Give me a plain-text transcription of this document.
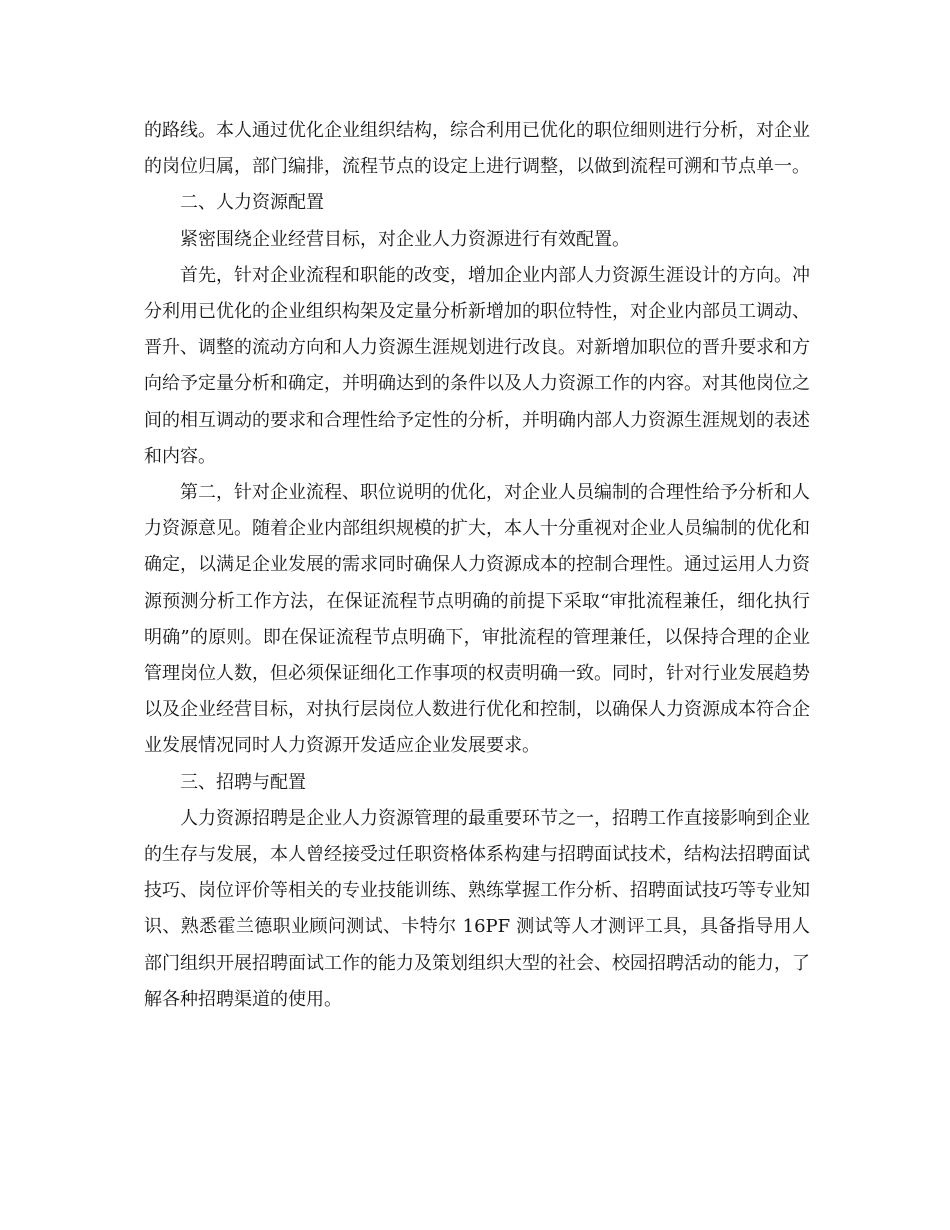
的路线。本人通过优化企业组织结构，综合利用已优化的职位细则进行分析，对企业的岗位归属，部门编排，流程节点的设定上进行调整，以做到流程可溯和节点单一。

二、人力资源配置

紧密围绕企业经营目标，对企业人力资源进行有效配置。

首先，针对企业流程和职能的改变，增加企业内部人力资源生涯设计的方向。冲分利用已优化的企业组织构架及定量分析新增加的职位特性，对企业内部员工调动、晋升、调整的流动方向和人力资源生涯规划进行改良。对新增加职位的晋升要求和方向给予定量分析和确定，并明确达到的条件以及人力资源工作的内容。对其他岗位之间的相互调动的要求和合理性给予定性的分析，并明确内部人力资源生涯规划的表述和内容。

第二，针对企业流程、职位说明的优化，对企业人员编制的合理性给予分析和人力资源意见。随着企业内部组织规模的扩大，本人十分重视对企业人员编制的优化和确定，以满足企业发展的需求同时确保人力资源成本的控制合理性。通过运用人力资源预测分析工作方法，在保证流程节点明确的前提下采取“审批流程兼任，细化执行明确”的原则。即在保证流程节点明确下，审批流程的管理兼任，以保持合理的企业管理岗位人数，但必须保证细化工作事项的权责明确一致。同时，针对行业发展趋势以及企业经营目标，对执行层岗位人数进行优化和控制，以确保人力资源成本符合企业发展情况同时人力资源开发适应企业发展要求。

三、招聘与配置

人力资源招聘是企业人力资源管理的最重要环节之一，招聘工作直接影响到企业的生存与发展，本人曾经接受过任职资格体系构建与招聘面试技术，结构法招聘面试技巧、岗位评价等相关的专业技能训练、熟练掌握工作分析、招聘面试技巧等专业知识、熟悉霍兰德职业顾问测试、卡特尔 16PF 测试等人才测评工具，具备指导用人部门组织开展招聘面试工作的能力及策划组织大型的社会、校园招聘活动的能力，了解各种招聘渠道的使用。
